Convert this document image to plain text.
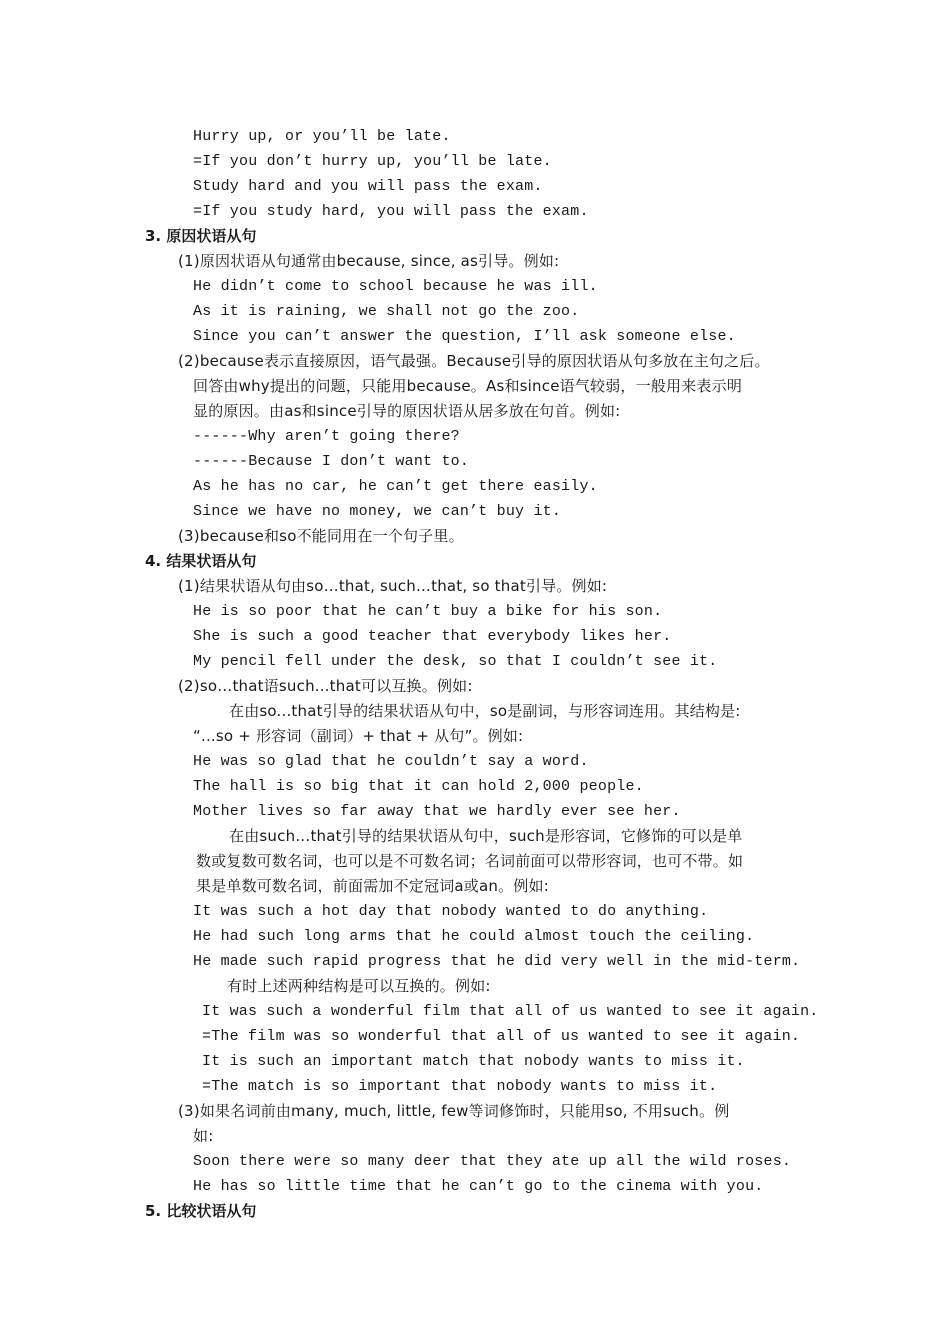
Hurry up, or you’ll be late.
=If you don’t hurry up, you’ll be late.
Study hard and you will pass the exam.
=If you study hard, you will pass the exam.
3. 原因状语从句
(1)原因状语从句通常由because, since, as引导。例如:
He didn’t come to school because he was ill.
As it is raining, we shall not go the zoo.
Since you can’t answer the question, I’ll ask someone else.
(2)because表示直接原因，语气最强。Because引导的原因状语从句多放在主句之后。
回答由why提出的问题，只能用because。As和since语气较弱，一般用来表示明
显的原因。由as和since引导的原因状语从居多放在句首。例如:
------Why aren’t going there?
------Because I don’t want to.
As he has no car, he can’t get there easily.
Since we have no money, we can’t buy it.
(3)because和so不能同用在一个句子里。
4. 结果状语从句
(1)结果状语从句由so…that, such…that, so that引导。例如:
He is so poor that he can’t buy a bike for his son.
She is such a good teacher that everybody likes her.
My pencil fell under the desk, so that I couldn’t see it.
(2)so…that语such...that可以互换。例如:
在由so...that引导的结果状语从句中，so是副词，与形容词连用。其结构是:
“...so + 形容词（副词）+ that + 从句”。例如:
He was so glad that he couldn’t say a word.
The hall is so big that it can hold 2,000 people.
Mother lives so far away that we hardly ever see her.
在由such…that引导的结果状语从句中，such是形容词，它修饰的可以是单
数或复数可数名词，也可以是不可数名词；名词前面可以带形容词，也可不带。如
果是单数可数名词，前面需加不定冠词a或an。例如:
It was such a hot day that nobody wanted to do anything.
He had such long arms that he could almost touch the ceiling.
He made such rapid progress that he did very well in the mid-term.
有时上述两种结构是可以互换的。例如:
It was such a wonderful film that all of us wanted to see it again.
=The film was so wonderful that all of us wanted to see it again.
It is such an important match that nobody wants to miss it.
=The match is so important that nobody wants to miss it.
(3)如果名词前由many, much, little, few等词修饰时，只能用so, 不用such。例
如:
Soon there were so many deer that they ate up all the wild roses.
He has so little time that he can’t go to the cinema with you.
5. 比较状语从句
